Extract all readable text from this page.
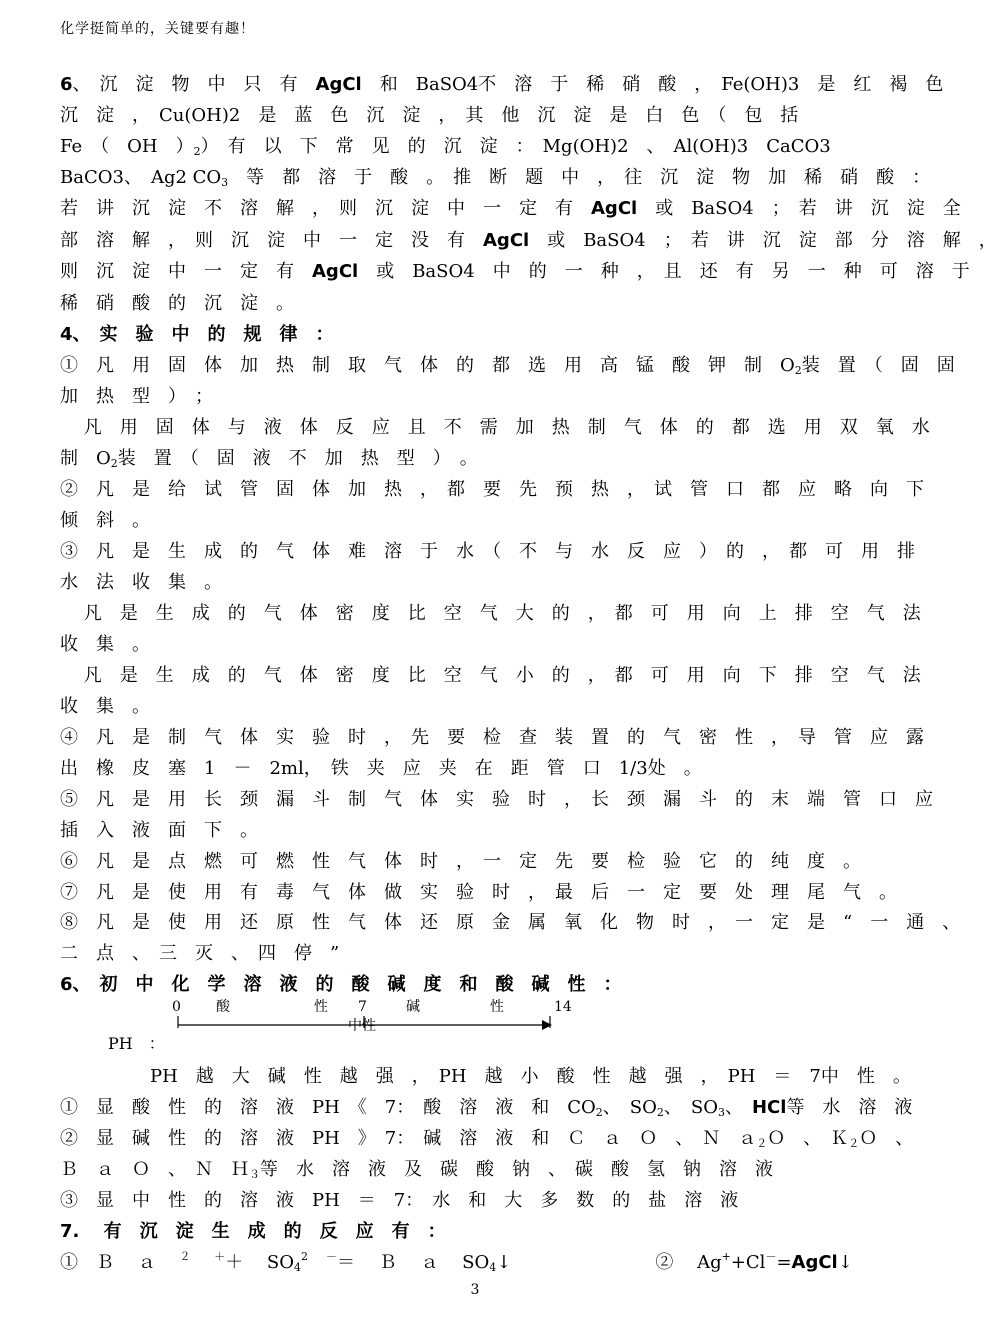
化学挺简单的，关键要有趣！
6、　沉　淀　物　中　只　有　AgCl　和　BaSO4不　溶　于　稀　硝　酸　，　Fe(OH)3　是　红　褐　色
沉　淀　，　Cu(OH)2　是　蓝　色　沉　淀　，　其　他　沉　淀　是　白　色　（　包　括
Fe　（　OH　）$_2$）　有　以　下　常　见　的　沉　淀　：　Mg(OH)2　、　Al(OH)3　CaCO3
BaCO3、　Ag2 $CO_3$　等　都　溶　于　酸　。　推　断　题　中　，　往　沉　淀　物　加　稀　硝　酸　：
若　讲　沉　淀　不　溶　解　，　则　沉　淀　中　一　定　有　AgCl　或　BaSO4　；　若　讲　沉　淀　全
部　溶　解　，　则　沉　淀　中　一　定　没　有　AgCl　或　BaSO4　；　若　讲　沉　淀　部　分　溶　解　，
则　沉　淀　中　一　定　有　AgCl　或　BaSO4　中　的　一　种　，　且　还　有　另　一　种　可　溶　于
稀　硝　酸　的　沉　淀　。
4、　实　验　中　的　规　律　：
①　凡　用　固　体　加　热　制　取　气　体　的　都　选　用　高　锰　酸　钾　制　$O_2$装　置　（　固　固
加　热　型　）　；
　 凡　用　固　体　与　液　体　反　应　且　不　需　加　热　制　气　体　的　都　选　用　双　氧　水
制　$O_2$装　置　（　固　液　不　加　热　型　）　。
②　凡　是　给　试　管　固　体　加　热　，　都　要　先　预　热　，　试　管　口　都　应　略　向　下
倾　斜　。
③　凡　是　生　成　的　气　体　难　溶　于　水　（　不　与　水　反　应　）　的　，　都　可　用　排
水　法　收　集　。
　 凡　是　生　成　的　气　体　密　度　比　空　气　大　的　，　都　可　用　向　上　排　空　气　法
收　集　。
　 凡　是　生　成　的　气　体　密　度　比　空　气　小　的　，　都　可　用　向　下　排　空　气　法
收　集　。
④　凡　是　制　气　体　实　验　时　，　先　要　检　查　装　置　的　气　密　性　，　导　管　应　露
出　橡　皮　塞　1　－　2ml，　铁　夹　应　夹　在　距　管　口　1/3处　。
⑤　凡　是　用　长　颈　漏　斗　制　气　体　实　验　时　，　长　颈　漏　斗　的　末　端　管　口　应
插　入　液　面　下　。
⑥　凡　是　点　燃　可　燃　性　气　体　时　，　一　定　先　要　检　验　它　的　纯　度　。
⑦　凡　是　使　用　有　毒　气　体　做　实　验　时　，　最　后　一　定　要　处　理　尾　气　。
⑧　凡　是　使　用　还　原　性　气　体　还　原　金　属　氧　化　物　时　，　一　定　是　“　一　通　、
二　点　、　三　灭　、　四　停　”
6、　初　中　化　学　溶　液　的　酸　碱　度　和　酸　碱　性　：
　　　　　PH　越　大　碱　性　越　强　，　PH　越　小　酸　性　越　强　，　PH　＝　7中　性　。
①　显　酸　性　的　溶　液　PH　《　7：　酸　溶　液　和　$CO_2$、　$SO_2$、　$SO_3$、　HCl等　水　溶　液
②　显　碱　性　的　溶　液　PH　》　7：　碱　溶　液　和　Ｃ　ａ　Ｏ　、　Ｎ　ａ$_2$Ｏ　、　Ｋ$_2$Ｏ　、
Ｂ　ａ　Ｏ　、　Ｎ　Ｈ$_3$等　水　溶　液　及　碳　酸　钠　、　碳　酸　氢　钠　溶　液
③　显　中　性　的　溶　液　PH　＝　7：　水　和　大　多　数　的　盐　溶　液
7.　 有　沉　淀　生　成　的　反　应　有　：
①　Ｂ　 ａ　 $^2$　 ＋＋　 $SO_4^2$　 －＝　 Ｂ　 ａ　 $SO_4↓$　　　　　　　　②　 Ag++Cl－=AgCl↓
PH　：
0	酸　　　　　　性 7	碱　　　　　性	14
中性
3
